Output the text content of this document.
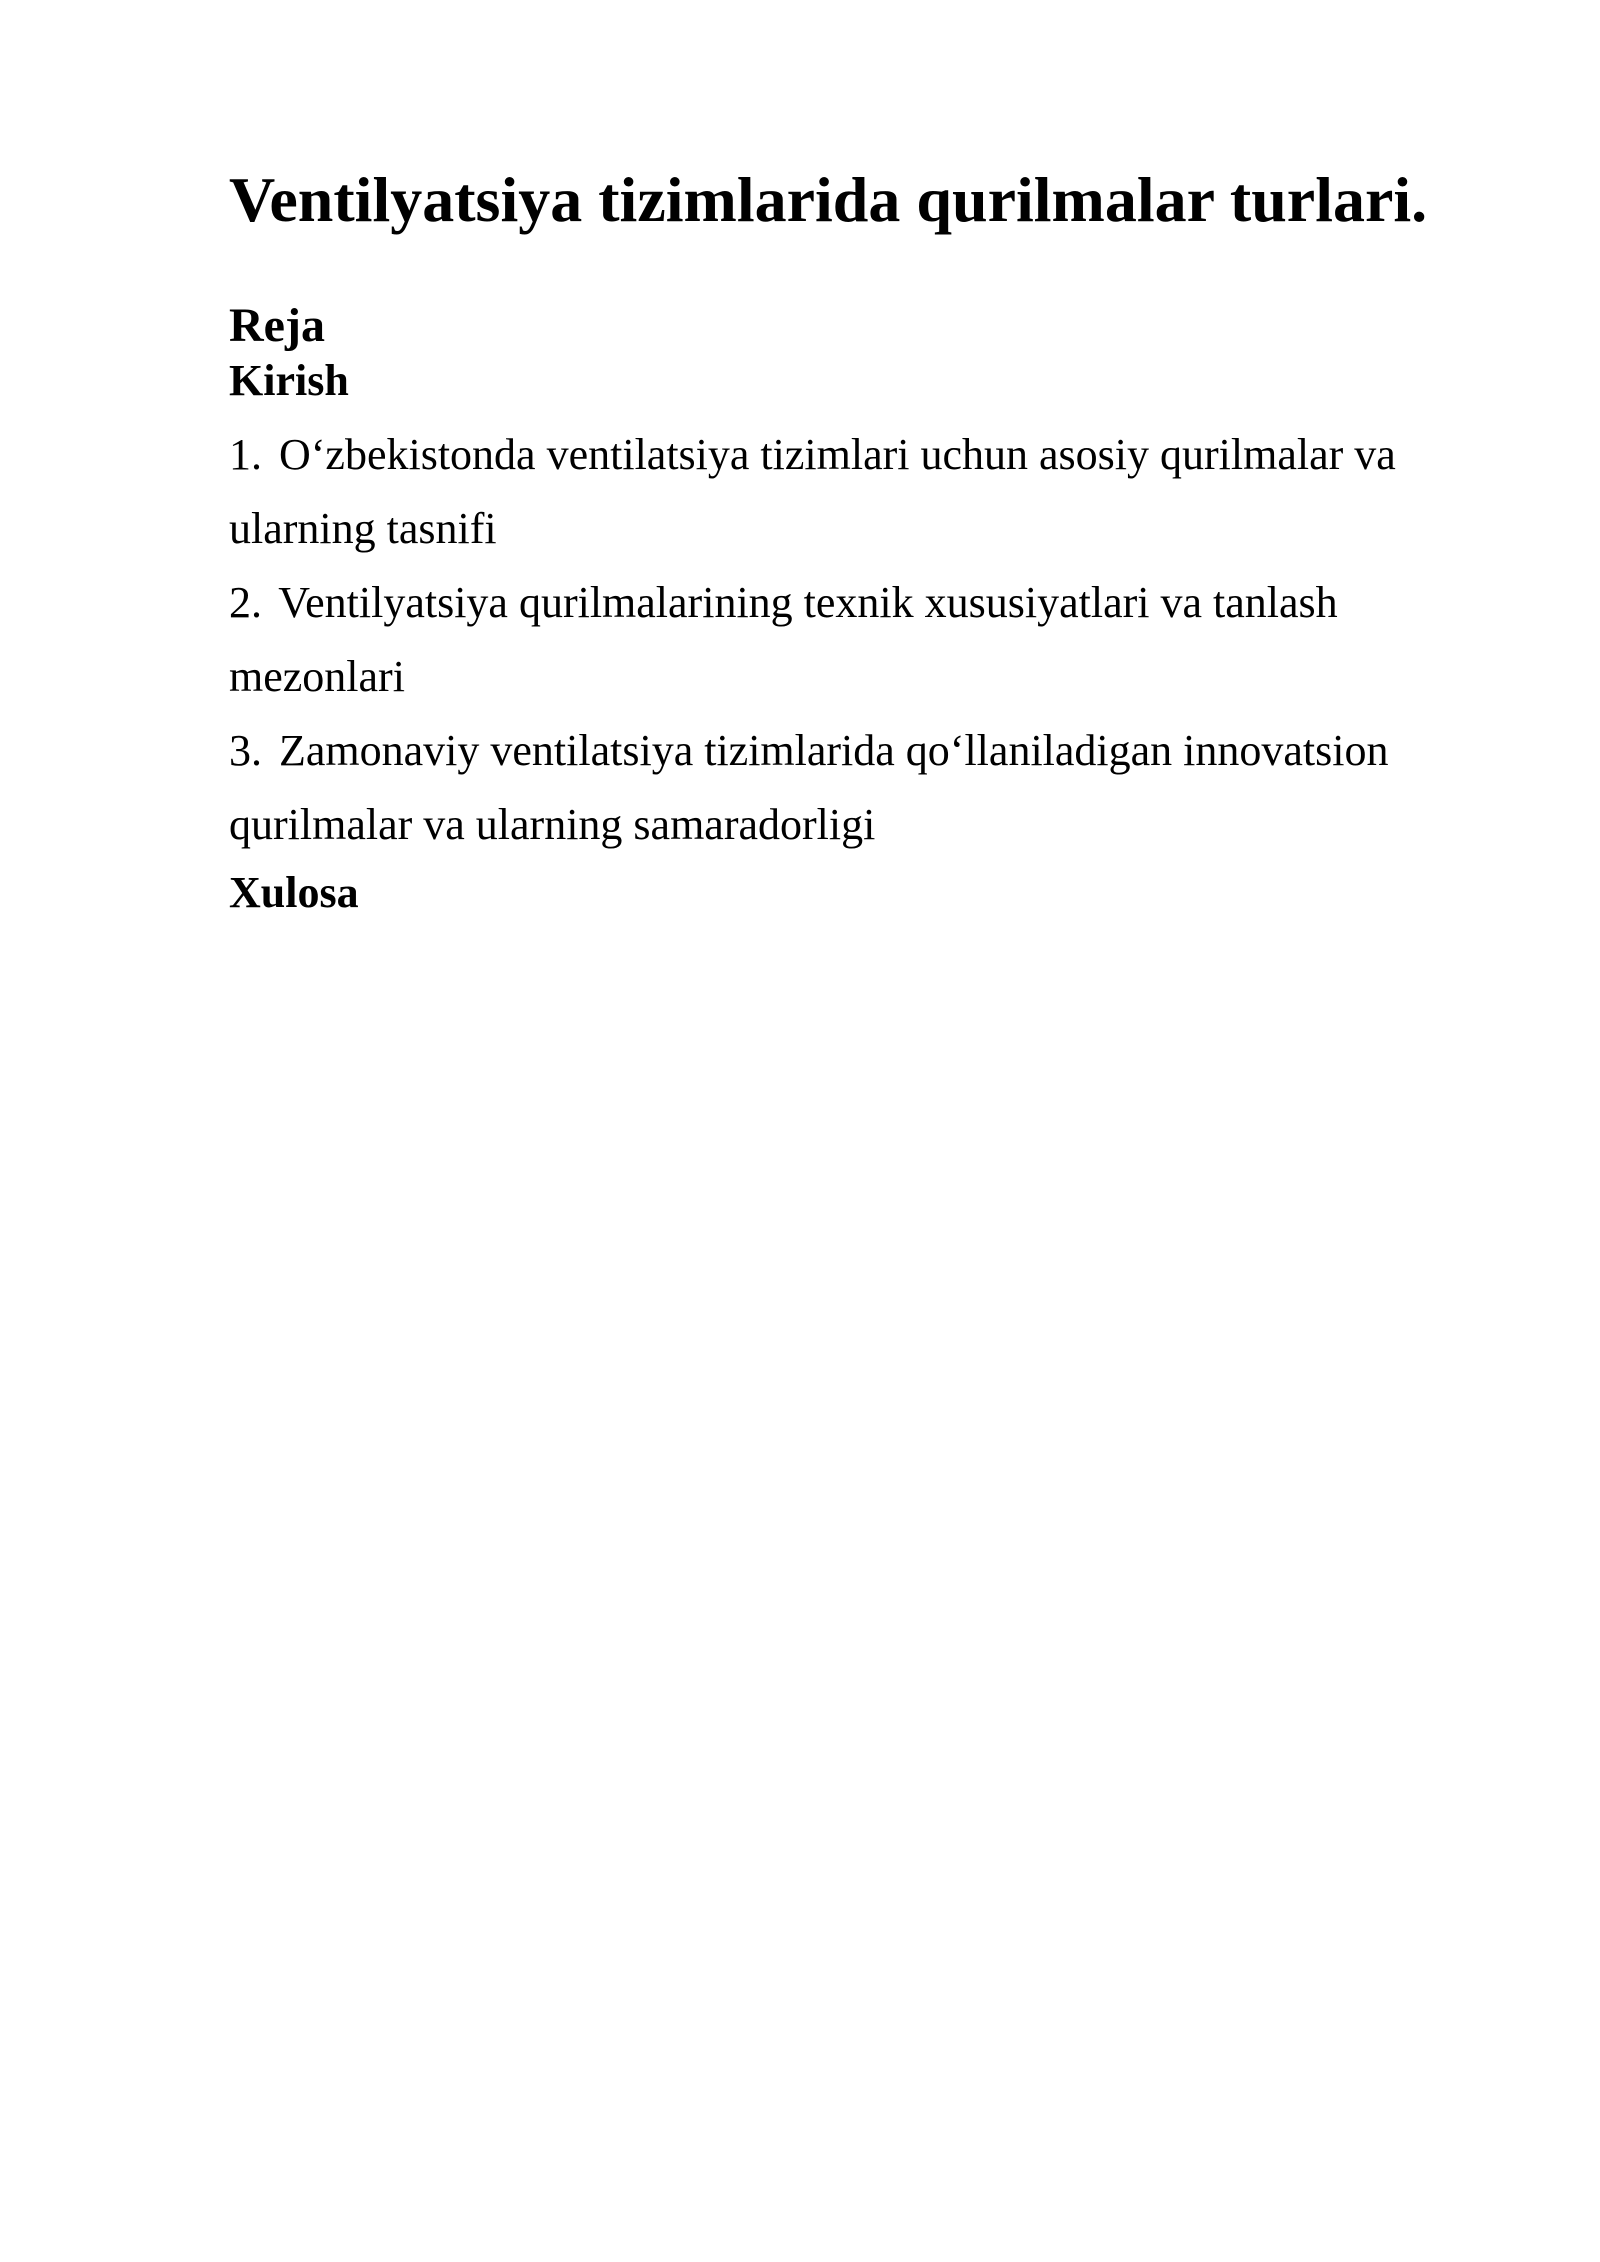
Ventilyatsiya tizimlarida qurilmalar turlari.
Reja
Kirish
1. O‘zbekistonda ventilatsiya tizimlari uchun asosiy qurilmalar va ularning tasnifi
2. Ventilyatsiya qurilmalarining texnik xususiyatlari va tanlash mezonlari
3. Zamonaviy ventilatsiya tizimlarida qo‘llaniladigan innovatsion qurilmalar va ularning samaradorligi
Xulosa
